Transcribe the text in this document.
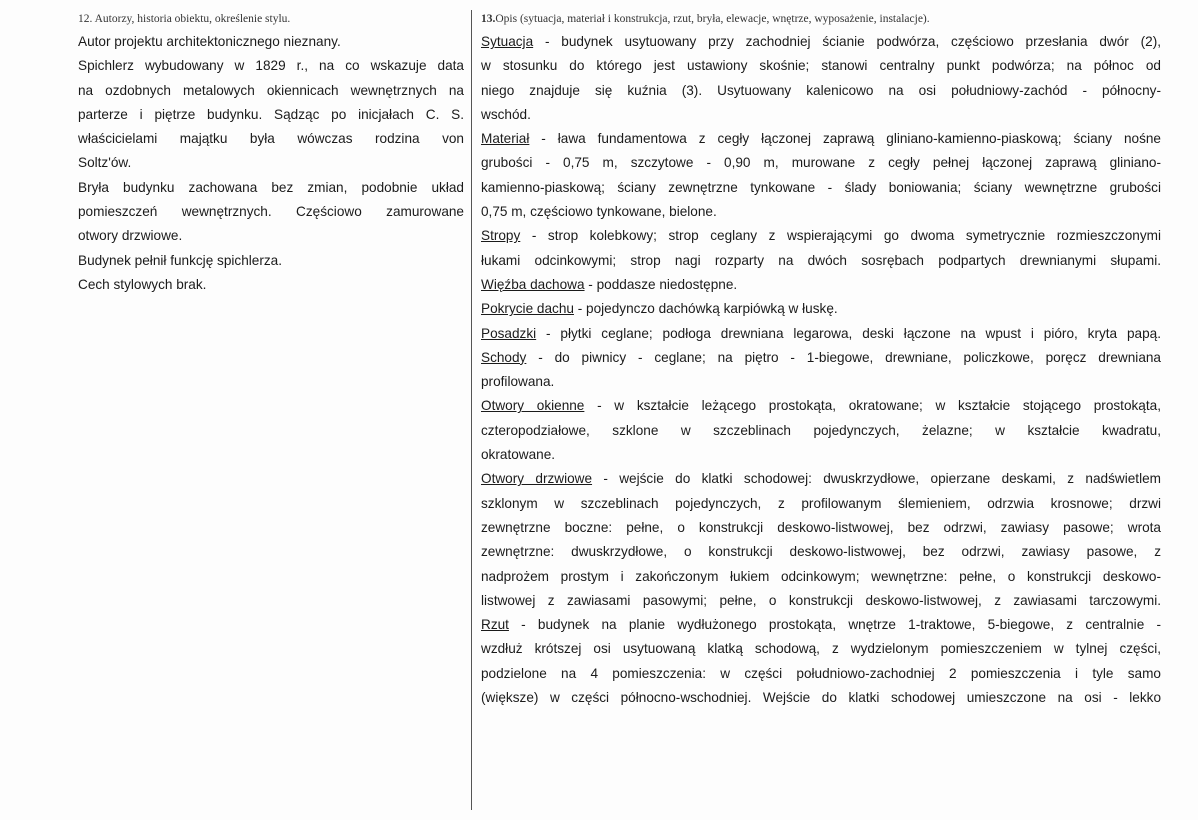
12. Autorzy, historia obiektu, określenie stylu.
Autor projektu architektonicznego nieznany.
Spichlerz wybudowany w 1829 r., na co wskazuje data
na ozdobnych metalowych okiennicach wewnętrznych na
parterze i piętrze budynku. Sądząc po inicjałach C. S.
właścicielami majątku była wówczas rodzina von
Soltz'ów.
Bryła budynku zachowana bez zmian, podobnie układ
pomieszczeń wewnętrznych. Częściowo zamurowane
otwory drzwiowe.
Budynek pełnił funkcję spichlerza.
Cech stylowych brak.
13.Opis (sytuacja, materiał i konstrukcja, rzut, bryła, elewacje, wnętrze, wyposażenie, instalacje).
Sytuacja - budynek usytuowany przy zachodniej ścianie podwórza, częściowo przesłania dwór (2),
w stosunku do którego jest ustawiony skośnie; stanowi centralny punkt podwórza; na północ od
niego znajduje się kuźnia (3). Usytuowany kalenicowo na osi południowy-zachód - północny-
wschód.
Materiał - ława fundamentowa z cegły łączonej zaprawą gliniano-kamienno-piaskową; ściany nośne
grubości - 0,75 m, szczytowe - 0,90 m, murowane z cegły pełnej łączonej zaprawą gliniano-
kamienno-piaskową; ściany zewnętrzne tynkowane - ślady boniowania; ściany wewnętrzne grubości
0,75 m, częściowo tynkowane, bielone.
Stropy - strop kolebkowy; strop ceglany z wspierającymi go dwoma symetrycznie rozmieszczonymi
łukami odcinkowymi; strop nagi rozparty na dwóch sosrębach podpartych drewnianymi słupami.
Więźba dachowa - poddasze niedostępne.
Pokrycie dachu - pojedynczo dachówką karpiówką w łuskę.
Posadzki - płytki ceglane; podłoga drewniana legarowa, deski łączone na wpust i pióro, kryta papą.
Schody - do piwnicy - ceglane; na piętro - 1-biegowe, drewniane, policzkowe, poręcz drewniana
profilowana.
Otwory okienne - w kształcie leżącego prostokąta, okratowane; w kształcie stojącego prostokąta,
czteropodziałowe, szklone w szczeblinach pojedynczych, żelazne; w kształcie kwadratu,
okratowane.
Otwory drzwiowe - wejście do klatki schodowej: dwuskrzydłowe, opierzane deskami, z nadświetlem
szklonym w szczeblinach pojedynczych, z profilowanym ślemieniem, odrzwia krosnowe; drzwi
zewnętrzne boczne: pełne, o konstrukcji deskowo-listwowej, bez odrzwi, zawiasy pasowe; wrota
zewnętrzne: dwuskrzydłowe, o konstrukcji deskowo-listwowej, bez odrzwi, zawiasy pasowe, z
nadprożem prostym i zakończonym łukiem odcinkowym; wewnętrzne: pełne, o konstrukcji deskowo-
listwowej z zawiasami pasowymi; pełne, o konstrukcji deskowo-listwowej, z zawiasami tarczowymi.
Rzut - budynek na planie wydłużonego prostokąta, wnętrze 1-traktowe, 5-biegowe, z centralnie -
wzdłuż krótszej osi usytuowaną klatką schodową, z wydzielonym pomieszczeniem w tylnej części,
podzielone na 4 pomieszczenia: w części południowo-zachodniej 2 pomieszczenia i tyle samo
(większe) w części północno-wschodniej. Wejście do klatki schodowej umieszczone na osi - lekko
